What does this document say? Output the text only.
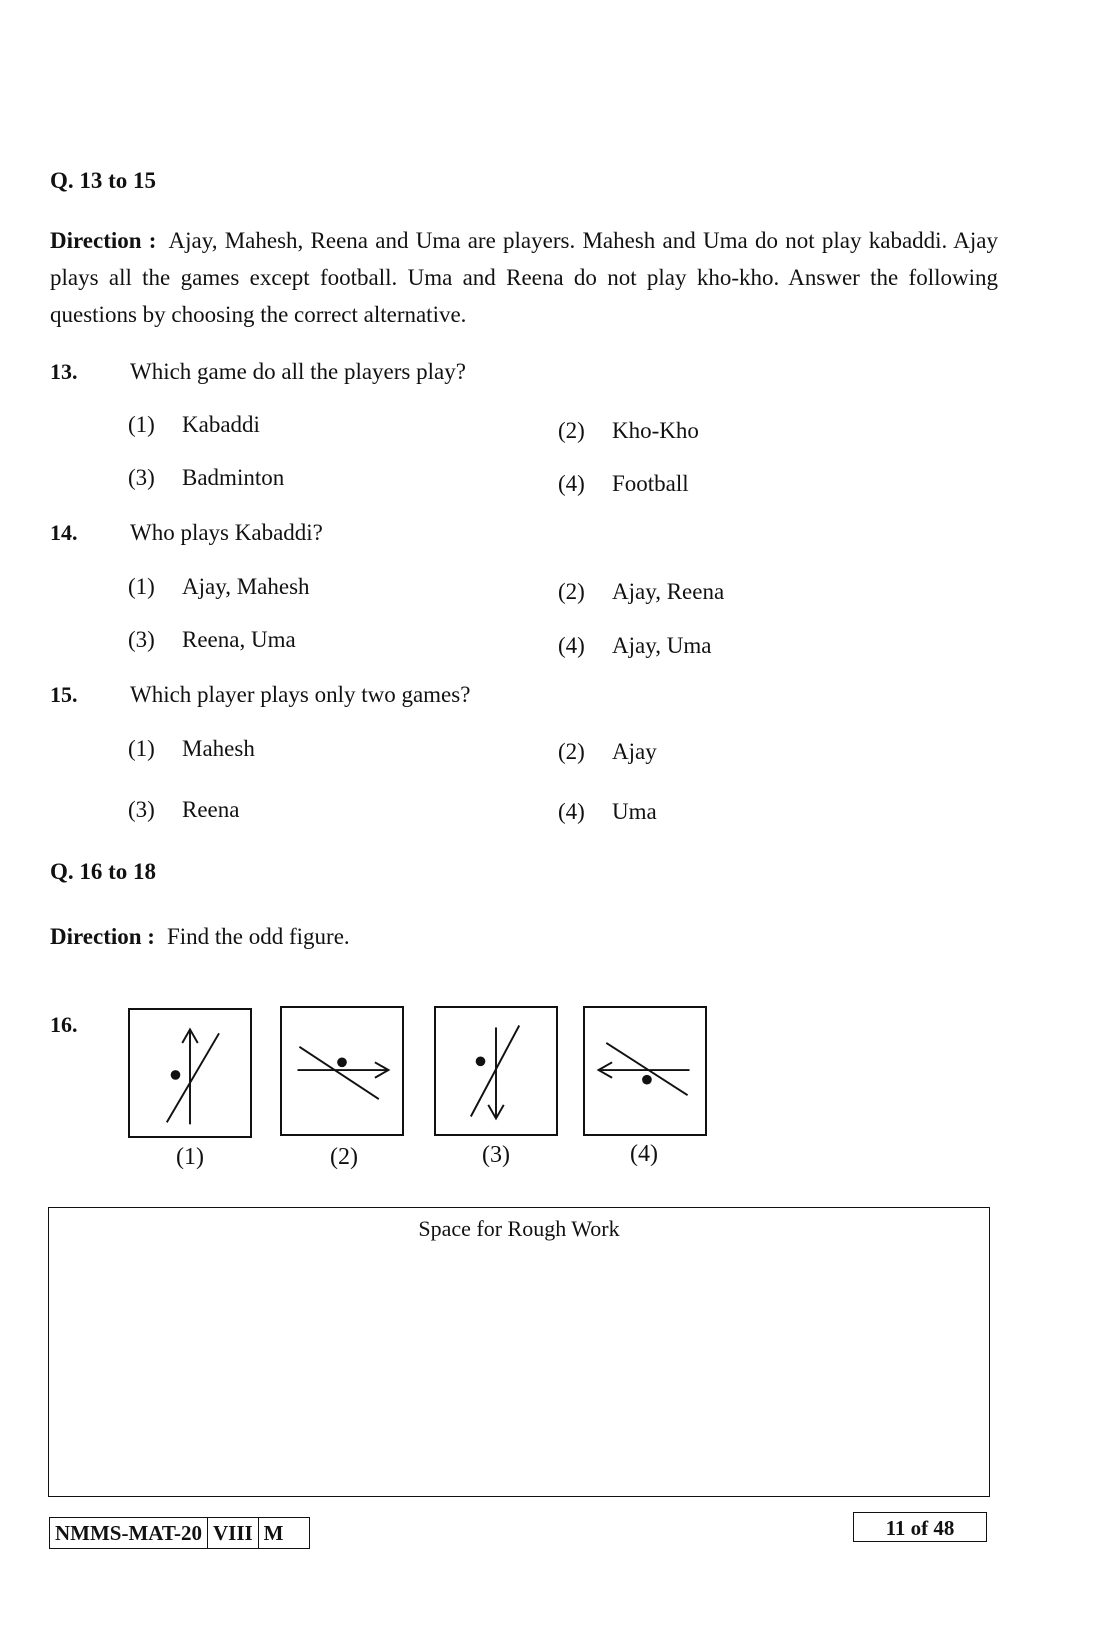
Q. 13 to 15
Direction : Ajay, Mahesh, Reena and Uma are players. Mahesh and Uma do not play kabaddi. Ajay plays all the games except football. Uma and Reena do not play kho-kho. Answer the following questions by choosing the correct alternative.
13. Which game do all the players play?
(1) Kabaddi	(2) Kho-Kho
(3) Badminton	(4) Football
14. Who plays Kabaddi?
(1) Ajay, Mahesh	(2) Ajay, Reena
(3) Reena, Uma	(4) Ajay, Uma
15. Which player plays only two games?
(1) Mahesh	(2) Ajay
(3) Reena	(4) Uma
Q. 16 to 18
Direction : Find the odd figure.
16.
(1)	(2)	(3)	(4)
Space for Rough Work
NMMS-MAT-20 VIII M	11 of 48
